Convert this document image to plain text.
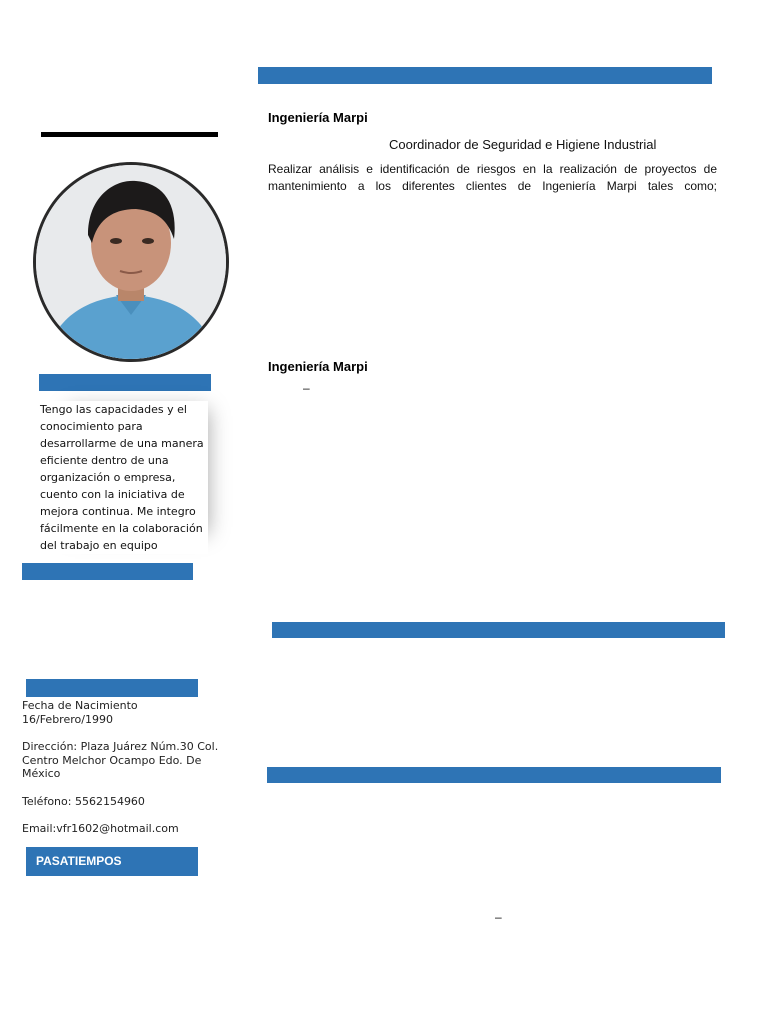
Tengo las capacidades y el conocimiento para desarrollarme de una manera eficiente dentro de una organización o empresa, cuento con la iniciativa de mejora continua. Me integro fácilmente en la colaboración del trabajo en equipo

Fecha de Nacimiento
16/Febrero/1990

Dirección: Plaza Juárez Núm.30 Col. Centro Melchor Ocampo Edo. De México

Teléfono: 5562154960

Email:vfr1602@hotmail.com

PASATIEMPOS
Ingeniería Marpi
Coordinador de Seguridad e Higiene Industrial
Realizar análisis e identificación de riesgos en la realización de proyectos de mantenimiento a los diferentes clientes de Ingeniería Marpi tales como;
Ingeniería Marpi
–
–
